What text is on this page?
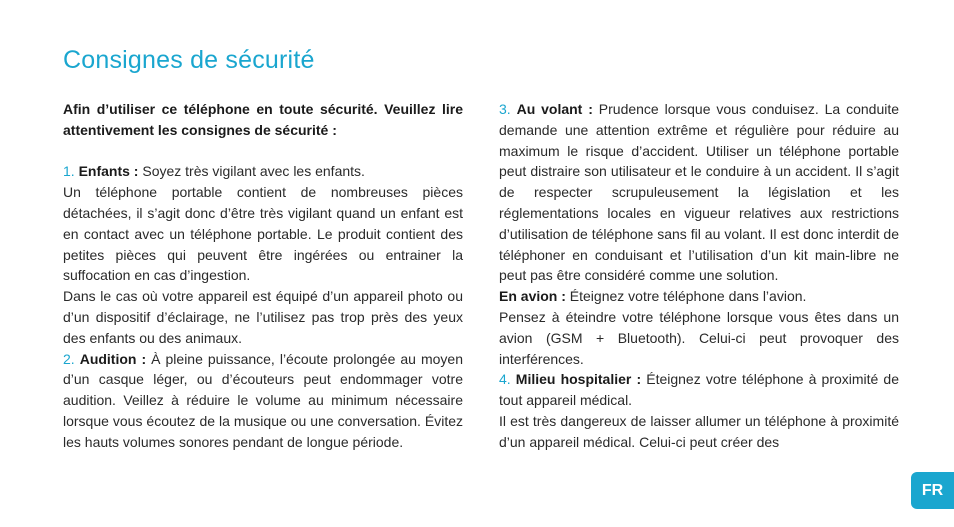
Consignes de sécurité

Afin d’utiliser ce téléphone en toute sécurité. Veuillez lire attentivement les consignes de sécurité :

1. Enfants : Soyez très vigilant avec les enfants.

Un téléphone portable contient de nombreuses pièces détachées, il s’agit donc d’être très vigilant quand un enfant est en contact avec un téléphone portable. Le produit contient des petites pièces qui peuvent être ingérées ou entrainer la suffocation en cas d’ingestion.

Dans le cas où votre appareil est équipé d’un appareil photo ou d’un dispositif d’éclairage, ne l’utilisez pas trop près des yeux des enfants ou des animaux.

2. Audition : À pleine puissance, l’écoute prolongée au moyen d’un casque léger, ou d’écouteurs peut endommager votre audition. Veillez à réduire le volume au minimum nécessaire lorsque vous écoutez de la musique ou une conversation. Évitez les hauts volumes sonores pendant de longue période.

3. Au volant : Prudence lorsque vous conduisez. La conduite demande une attention extrême et régulière pour réduire au maximum le risque d’accident. Utiliser un téléphone portable peut distraire son utilisateur et le conduire à un accident. Il s’agit de respecter scrupuleusement la législation et les réglementations locales en vigueur relatives aux restrictions d’utilisation de téléphone sans fil au volant. Il est donc interdit de téléphoner en conduisant et l’utilisation d’un kit main-libre ne peut pas être considéré comme une solution.

En avion : Éteignez votre téléphone dans l’avion.

Pensez à éteindre votre téléphone lorsque vous êtes dans un avion (GSM + Bluetooth). Celui-ci peut provoquer des interférences.

4. Milieu hospitalier : Éteignez votre téléphone à proximité de tout appareil médical.

Il est très dangereux de laisser allumer un téléphone à proximité d’un appareil médical. Celui-ci peut créer des

FR
